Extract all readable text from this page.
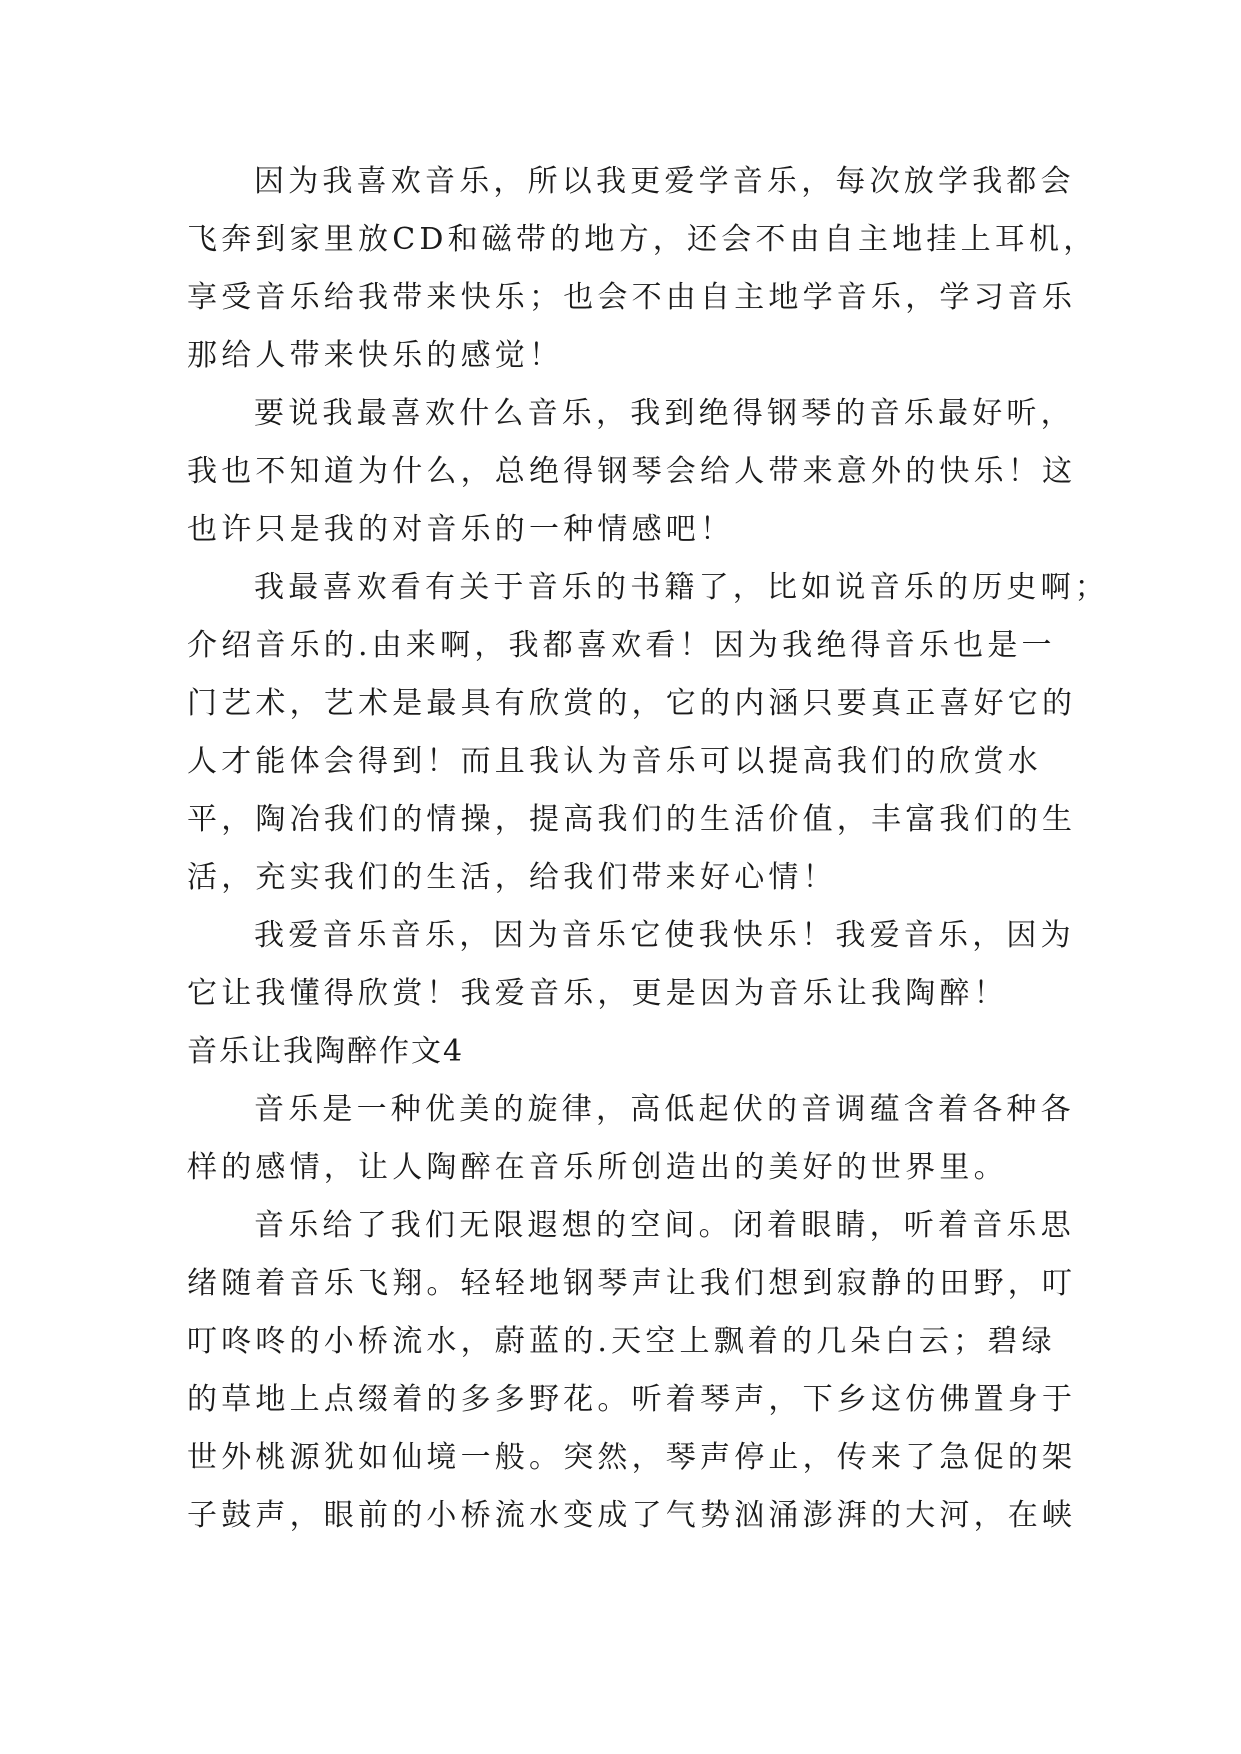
因为我喜欢音乐，所以我更爱学音乐，每次放学我都会
飞奔到家里放CD和磁带的地方，还会不由自主地挂上耳机，
享受音乐给我带来快乐；也会不由自主地学音乐，学习音乐
那给人带来快乐的感觉！
要说我最喜欢什么音乐，我到绝得钢琴的音乐最好听，
我也不知道为什么，总绝得钢琴会给人带来意外的快乐！这
也许只是我的对音乐的一种情感吧！
我最喜欢看有关于音乐的书籍了，比如说音乐的历史啊；
介绍音乐的.由来啊，我都喜欢看！因为我绝得音乐也是一
门艺术，艺术是最具有欣赏的，它的内涵只要真正喜好它的
人才能体会得到！而且我认为音乐可以提高我们的欣赏水
平，陶冶我们的情操，提高我们的生活价值，丰富我们的生
活，充实我们的生活，给我们带来好心情！
我爱音乐音乐，因为音乐它使我快乐！我爱音乐，因为
它让我懂得欣赏！我爱音乐，更是因为音乐让我陶醉！
音乐让我陶醉作文4
音乐是一种优美的旋律，高低起伏的音调蕴含着各种各
样的感情，让人陶醉在音乐所创造出的美好的世界里。
音乐给了我们无限遐想的空间。闭着眼睛，听着音乐思
绪随着音乐飞翔。轻轻地钢琴声让我们想到寂静的田野，叮
叮咚咚的小桥流水，蔚蓝的.天空上飘着的几朵白云；碧绿
的草地上点缀着的多多野花。听着琴声，下乡这仿佛置身于
世外桃源犹如仙境一般。突然，琴声停止，传来了急促的架
子鼓声，眼前的小桥流水变成了气势汹涌澎湃的大河，在峡
